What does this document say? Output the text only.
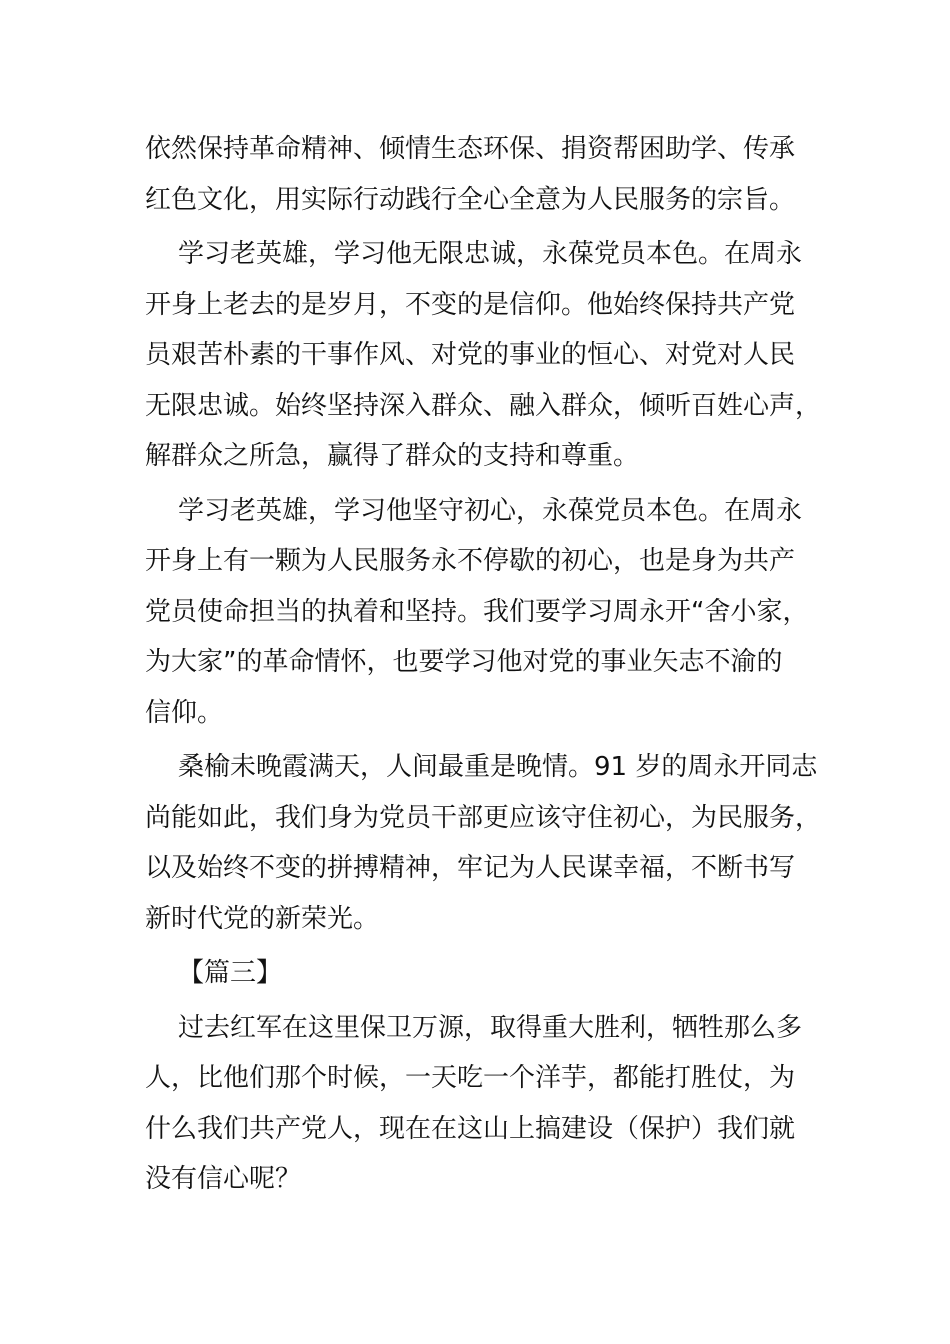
依然保持革命精神、倾情生态环保、捐资帮困助学、传承
红色文化，用实际行动践行全心全意为人民服务的宗旨。
学习老英雄，学习他无限忠诚，永葆党员本色。在周永
开身上老去的是岁月，不变的是信仰。他始终保持共产党
员艰苦朴素的干事作风、对党的事业的恒心、对党对人民
无限忠诚。始终坚持深入群众、融入群众，倾听百姓心声，
解群众之所急，赢得了群众的支持和尊重。
学习老英雄，学习他坚守初心，永葆党员本色。在周永
开身上有一颗为人民服务永不停歇的初心，也是身为共产
党员使命担当的执着和坚持。我们要学习周永开“舍小家，
为大家”的革命情怀，也要学习他对党的事业矢志不渝的
信仰。
桑榆未晚霞满天，人间最重是晚情。91 岁的周永开同志
尚能如此，我们身为党员干部更应该守住初心，为民服务，
以及始终不变的拼搏精神，牢记为人民谋幸福，不断书写
新时代党的新荣光。
【篇三】
过去红军在这里保卫万源，取得重大胜利，牺牲那么多
人，比他们那个时候，一天吃一个洋芋，都能打胜仗，为
什么我们共产党人，现在在这山上搞建设（保护）我们就
没有信心呢？
